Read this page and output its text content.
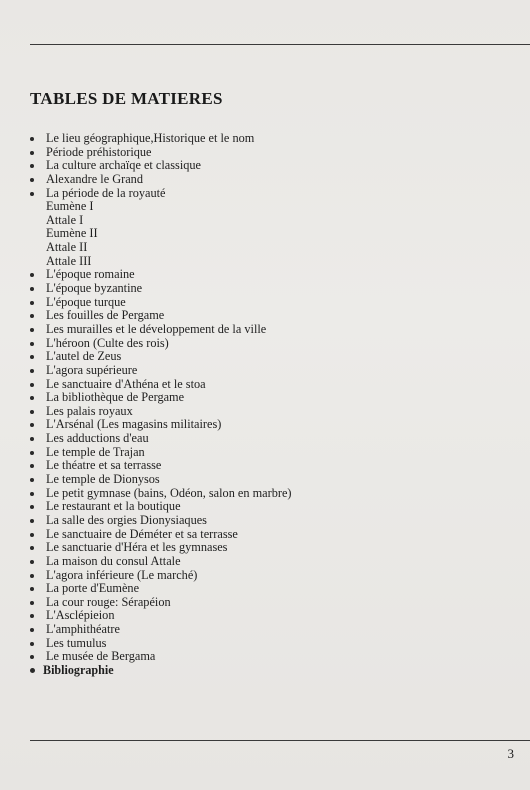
TABLES DE MATIERES
Le lieu géographique,Historique et le nom
Période préhistorique
La culture archaïqe et classique
Alexandre le Grand
La période de la royauté
Eumène I
Attale I
Eumène II
Attale II
Attale III
L'époque romaine
L'époque byzantine
L'époque turque
Les fouilles de Pergame
Les murailles et le développement de la ville
L'héroon (Culte des rois)
L'autel de Zeus
L'agora supérieure
Le sanctuaire d'Athéna et le stoa
La bibliothèque de Pergame
Les palais royaux
L'Arsénal (Les magasins militaires)
Les adductions d'eau
Le temple de Trajan
Le théatre et sa terrasse
Le temple de Dionysos
Le petit gymnase (bains, Odéon, salon en marbre)
Le restaurant et la boutique
La salle des orgies Dionysiaques
Le sanctuaire de Déméter et sa terrasse
Le sanctuarie d'Héra et les gymnases
La maison du consul Attale
L'agora inférieure (Le marché)
La porte d'Eumène
La cour rouge: Sérapéion
L'Asclépieion
L'amphithéatre
Les tumulus
Le musée de Bergama
Bibliographie
3
